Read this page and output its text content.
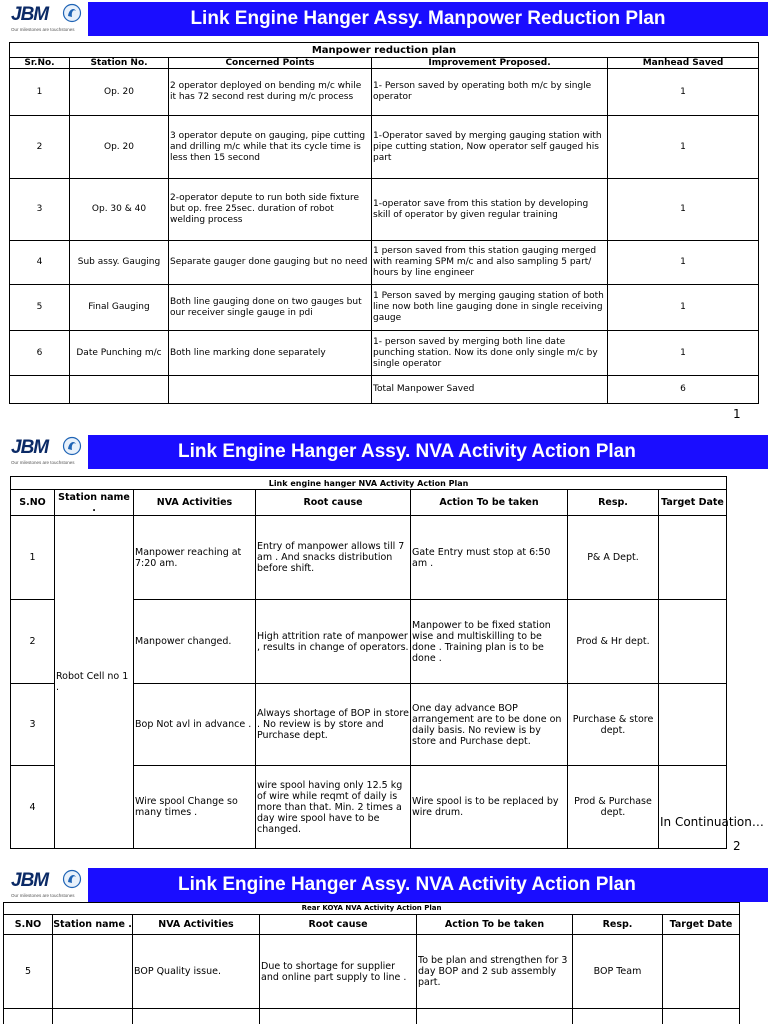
JBM
Our milestones are touchstones
Link Engine Hanger Assy. Manpower Reduction Plan
Manpower reduction plan				
Sr.No.	Station No.	Concerned Points	Improvement Proposed.	Manhead Saved
1	Op. 20	2 operator deployed on bending m/c while it has 72 second rest during m/c process	1- Person saved by operating both m/c by single operator	1
2	Op. 20	3 operator depute on gauging, pipe cutting and drilling m/c while that its cycle time is less then 15 second	1-Operator saved by merging gauging station with pipe cutting station, Now operator self gauged his part	1
3	Op. 30 & 40	2-operator depute to run both side fixture but op. free 25sec. duration of robot welding process	1-operator save from this station by developing skill of operator by given regular training	1
4	Sub assy. Gauging	Separate gauger done gauging but no need	1 person saved from this station gauging merged with reaming SPM m/c and also sampling 5 part/ hours by line engineer	1
5	Final Gauging	Both line gauging done on two gauges but our receiver single gauge in pdi	1 Person saved by merging gauging station of both line now both line gauging done in single receiving gauge	1
6	Date Punching m/c	Both line marking done separately	1- person saved by merging both line date punching station. Now its done only single m/c by single operator	1
			Total Manpower Saved	6
1
JBM
Our milestones are touchstones
Link Engine Hanger Assy. NVA Activity Action Plan
Link engine hanger NVA Activity Action Plan						
S.NO	Station name .	NVA Activities	Root cause	Action To be taken	Resp.	Target Date
1	Robot Cell no 1 .	Manpower reaching at 7:20 am.	Entry of manpower allows till 7 am . And snacks distribution before shift.	Gate Entry must stop at 6:50 am .	P& A Dept.	
2		Manpower changed.	High attrition rate of manpower , results in change of operators.	Manpower to be fixed station wise and multiskilling to be done . Training plan is to be done .	Prod & Hr dept.	
3		Bop Not avl in advance .	Always shortage of BOP in store . No review is by store and Purchase dept.	One day advance BOP arrangement are to be done on daily basis. No review is by store and Purchase dept.	Purchase & store dept.	
4		Wire spool Change so many times .	wire spool having only 12.5 kg of wire while reqmt of daily is more than that. Min. 2 times a day wire spool have to be changed.	Wire spool is to be replaced by wire drum.	Prod & Purchase dept.	
In Continuation…
2
JBM
Our milestones are touchstones
Link Engine Hanger Assy. NVA Activity Action Plan
Rear KOYA NVA Activity Action Plan						
S.NO	Station name .	NVA Activities	Root cause	Action To be taken	Resp.	Target Date
5		BOP Quality issue.	Due to shortage for supplier and online part supply to line .	To be plan and strengthen for 3 day BOP and 2 sub assembly part.	BOP Team	
